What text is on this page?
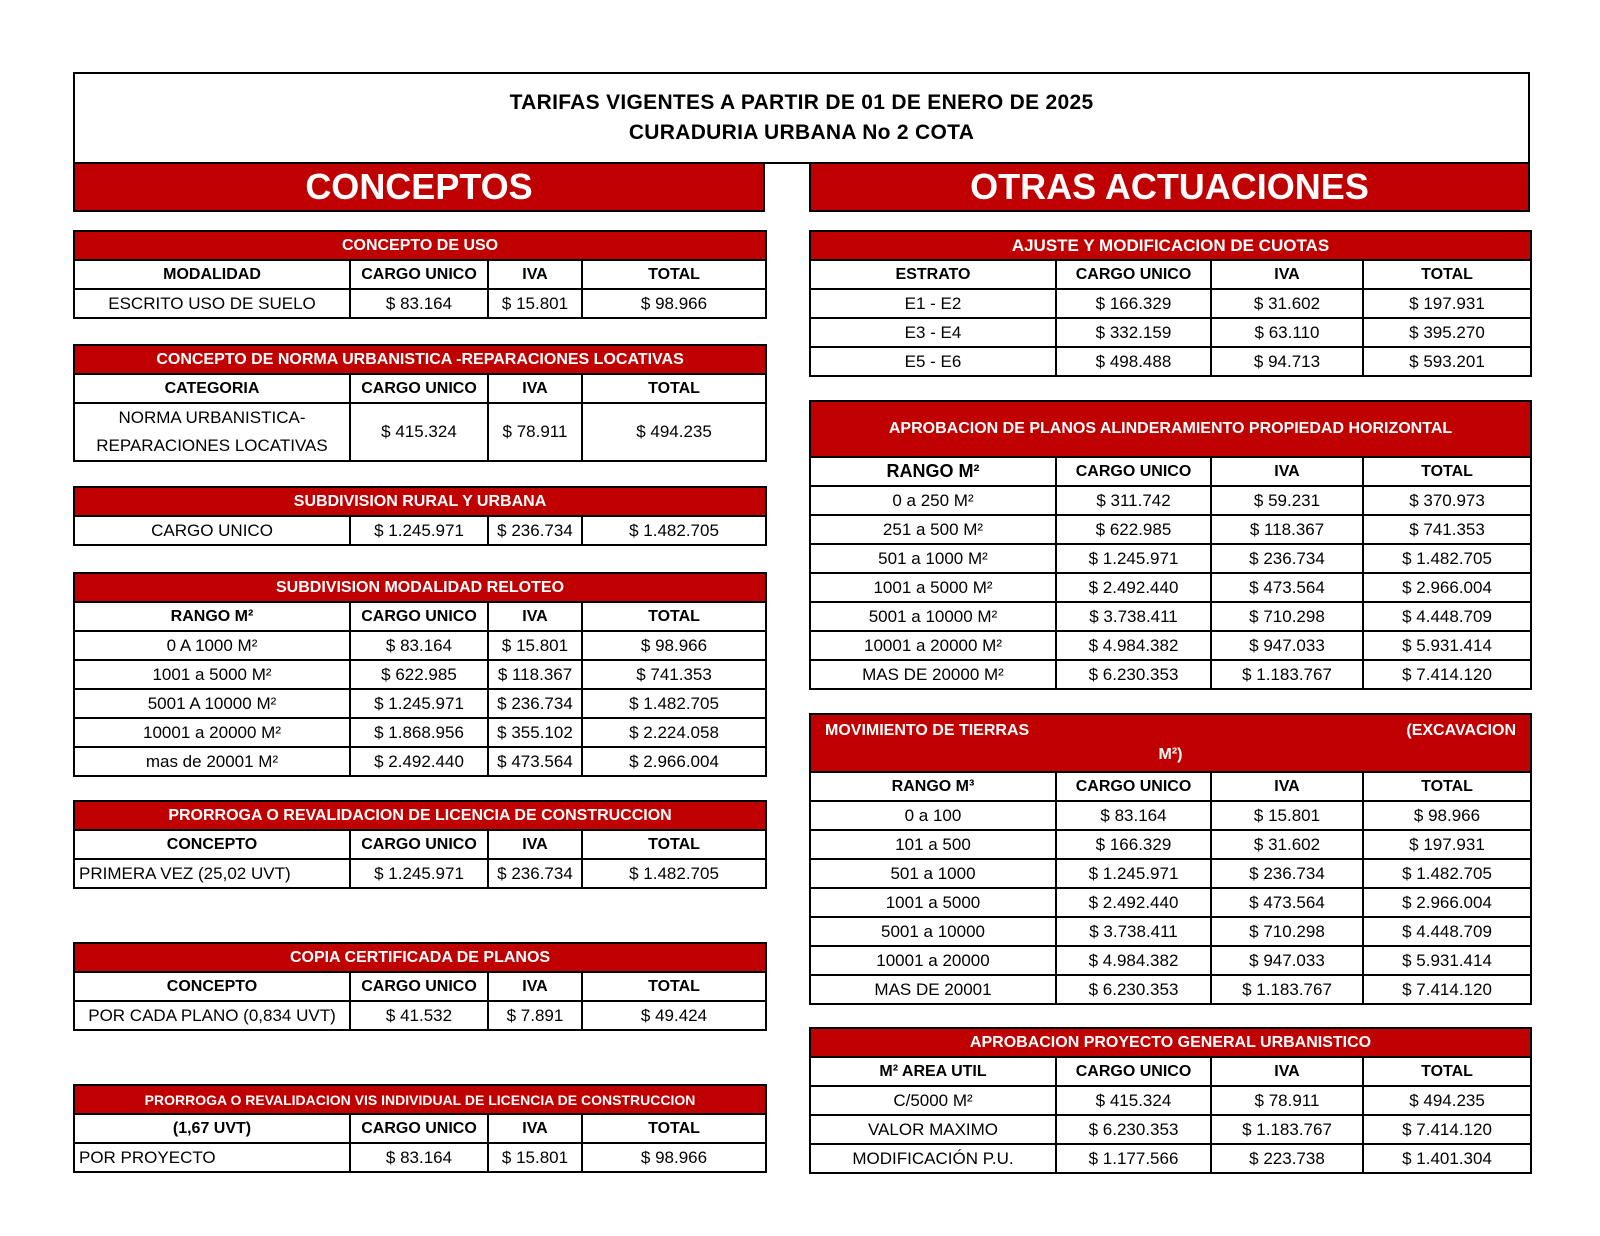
TARIFAS VIGENTES A PARTIR DE 01 DE ENERO DE 2025
CURADURIA URBANA No 2 COTA
CONCEPTOS	OTRAS ACTUACIONES
CONCEPTO DE USO			
MODALIDAD	CARGO UNICO	IVA	TOTAL
ESCRITO USO DE SUELO	$ 83.164	$ 15.801	$ 98.966
CONCEPTO DE NORMA URBANISTICA -REPARACIONES LOCATIVAS			
CATEGORIA	CARGO UNICO	IVA	TOTAL

NORMA URBANISTICA-
REPARACIONES LOCATIVAS	$ 415.324	$ 78.911	$ 494.235
SUBDIVISION RURAL Y URBANA
CARGO UNICO	$ 1.245.971	$ 236.734	$ 1.482.705
SUBDIVISION MODALIDAD RELOTEO			
RANGO M²	CARGO UNICO	IVA	TOTAL
0 A 1000 M²	$ 83.164	$ 15.801	$ 98.966
1001 a 5000 M²	$ 622.985	$ 118.367	$ 741.353
5001 A 10000 M²	$ 1.245.971	$ 236.734	$ 1.482.705
10001 a 20000 M²	$ 1.868.956	$ 355.102	$ 2.224.058
mas de 20001 M²	$ 2.492.440	$ 473.564	$ 2.966.004
PRORROGA O REVALIDACION DE LICENCIA DE CONSTRUCCION			
CONCEPTO	CARGO UNICO	IVA	TOTAL
PRIMERA VEZ (25,02 UVT)	$ 1.245.971	$ 236.734	$ 1.482.705
COPIA CERTIFICADA DE PLANOS			
CONCEPTO	CARGO UNICO	IVA	TOTAL
POR CADA PLANO (0,834 UVT)	$ 41.532	$ 7.891	$ 49.424
PRORROGA O REVALIDACION VIS INDIVIDUAL DE LICENCIA DE CONSTRUCCION			
(1,67 UVT)	CARGO UNICO	IVA	TOTAL
POR PROYECTO	$ 83.164	$ 15.801	$ 98.966
AJUSTE Y MODIFICACION DE CUOTAS			
ESTRATO	CARGO UNICO	IVA	TOTAL
E1 - E2	$ 166.329	$ 31.602	$ 197.931
E3 - E4	$ 332.159	$ 63.110	$ 395.270
E5 - E6	$ 498.488	$ 94.713	$ 593.201
APROBACION DE PLANOS ALINDERAMIENTO PROPIEDAD HORIZONTAL			
RANGO M²	CARGO UNICO	IVA	TOTAL
0 a 250 M²	$ 311.742	$ 59.231	$ 370.973
251 a 500 M²	$ 622.985	$ 118.367	$ 741.353
501 a 1000 M²	$ 1.245.971	$ 236.734	$ 1.482.705
1001 a 5000 M²	$ 2.492.440	$ 473.564	$ 2.966.004
5001 a 10000 M²	$ 3.738.411	$ 710.298	$ 4.448.709
10001 a 20000 M²	$ 4.984.382	$ 947.033	$ 5.931.414
MAS DE 20000 M²	$ 6.230.353	$ 1.183.767	$ 7.414.120
MOVIMIENTO DE TIERRAS (EXCAVACION
M²)			

RANGO M³	CARGO UNICO	IVA	TOTAL
0 a 100	$ 83.164	$ 15.801	$ 98.966
101 a 500	$ 166.329	$ 31.602	$ 197.931
501 a 1000	$ 1.245.971	$ 236.734	$ 1.482.705
1001 a 5000	$ 2.492.440	$ 473.564	$ 2.966.004
5001 a 10000	$ 3.738.411	$ 710.298	$ 4.448.709
10001 a 20000	$ 4.984.382	$ 947.033	$ 5.931.414
MAS DE 20001	$ 6.230.353	$ 1.183.767	$ 7.414.120
APROBACION PROYECTO GENERAL URBANISTICO			
M² AREA UTIL	CARGO UNICO	IVA	TOTAL
C/5000 M²	$ 415.324	$ 78.911	$ 494.235
VALOR MAXIMO	$ 6.230.353	$ 1.183.767	$ 7.414.120
MODIFICACIÓN P.U.	$ 1.177.566	$ 223.738	$ 1.401.304
